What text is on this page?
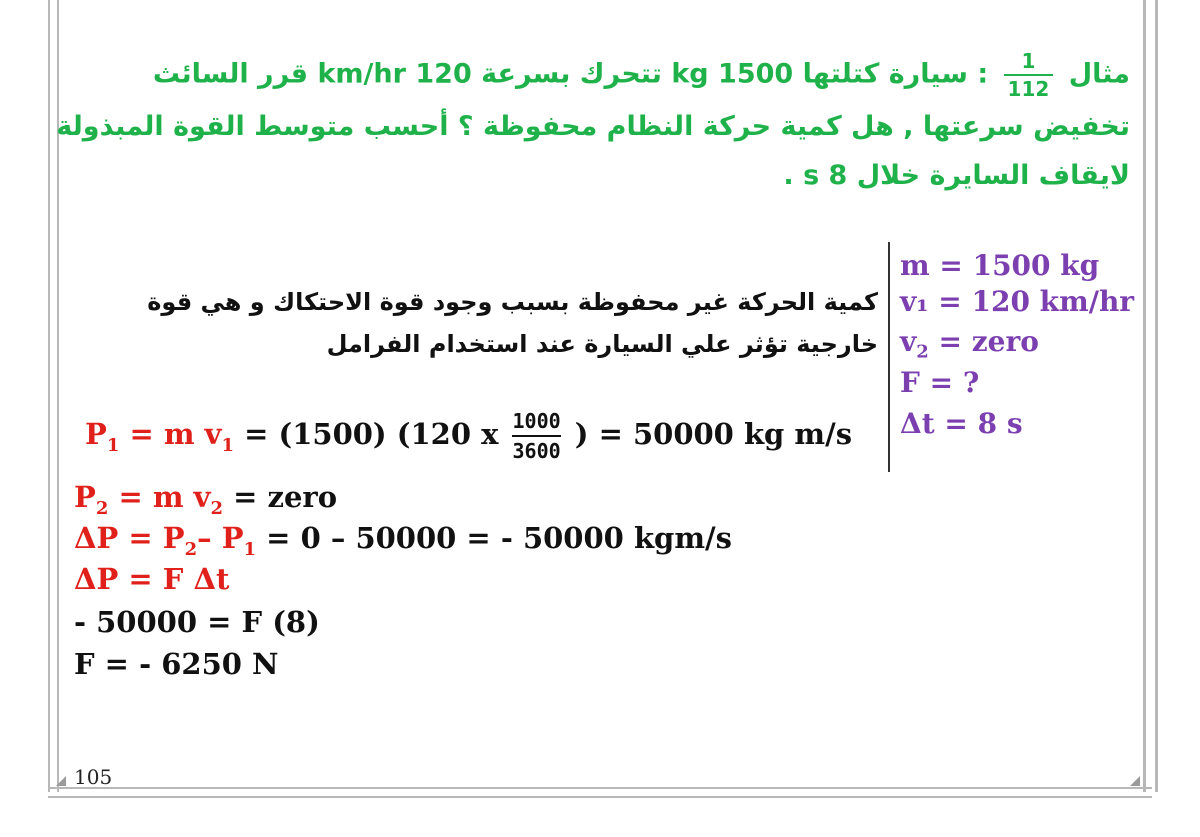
105
مثال
$\frac{1}{112}$
: سيارة كتلتها 1500 kg تتحرك بسرعة 120 km/hr قرر السائث
تخفيض سرعتها , هل كمية حركة النظام محفوظة ؟ أحسب متوسط القوة المبذولة
لايقاف السايرة خلال 8 s .
m = 1500 kg
v₁ = 120 km/hr
$v_2$ = zero
F = ?
Δt = 8 s
كمية الحركة غير محفوظة بسبب وجود قوة الاحتكاك و هي قوة
خارجية تؤثر علي السيارة عند استخدام الفرامل
$P_1 = m$ $v_1 = (1500)$ (120 x $\frac{1000}{3600}$ ) = 50000 kg m/s
$P_2 = m$ $v_2$ = zero
$\Delta P = P_2-$ $P_1 = 0 - 50000$ = - 50000 kgm/s
ΔP = F Δt
- 50000 = F (8)
F = - 6250 N
